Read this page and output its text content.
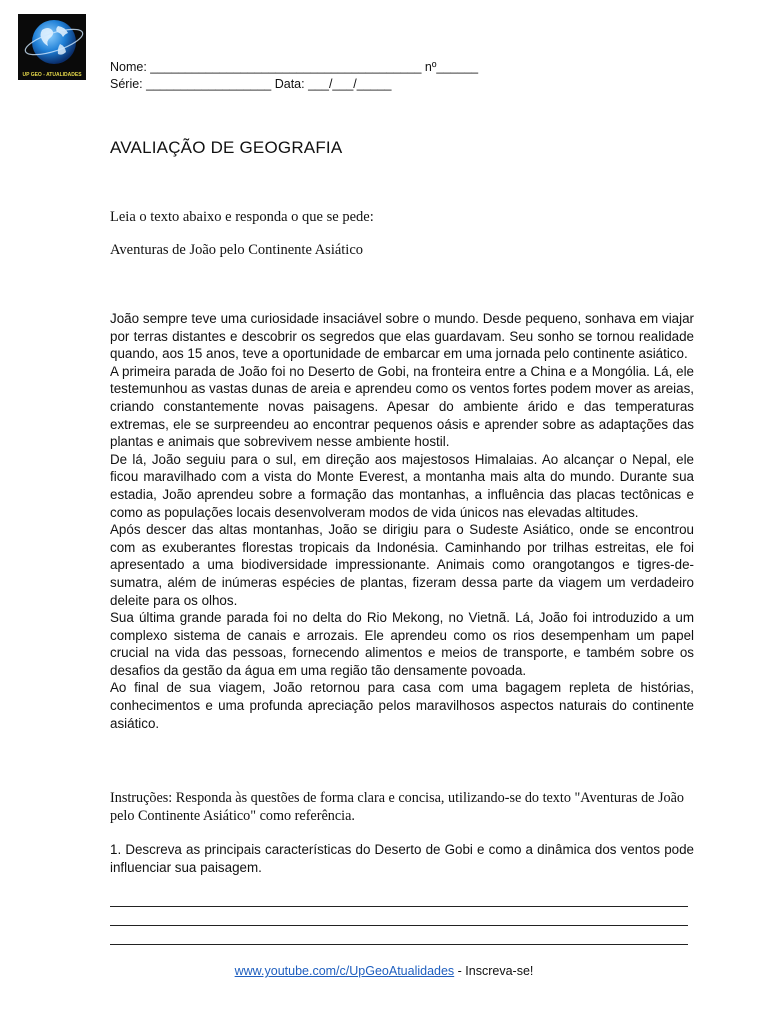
UP GEO - ATUALIDADES
Nome: _______________________________________ nº______
Série: __________________ Data: ___/___/_____
AVALIAÇÃO DE GEOGRAFIA
Leia o texto abaixo e responda o que se pede:
Aventuras de João pelo Continente Asiático

João sempre teve uma curiosidade insaciável sobre o mundo. Desde pequeno, sonhava em viajar por terras distantes e descobrir os segredos que elas guardavam. Seu sonho se tornou realidade quando, aos 15 anos, teve a oportunidade de embarcar em uma jornada pelo continente asiático.

A primeira parada de João foi no Deserto de Gobi, na fronteira entre a China e a Mongólia. Lá, ele testemunhou as vastas dunas de areia e aprendeu como os ventos fortes podem mover as areias, criando constantemente novas paisagens. Apesar do ambiente árido e das temperaturas extremas, ele se surpreendeu ao encontrar pequenos oásis e aprender sobre as adaptações das plantas e animais que sobrevivem nesse ambiente hostil.

De lá, João seguiu para o sul, em direção aos majestosos Himalaias. Ao alcançar o Nepal, ele ficou maravilhado com a vista do Monte Everest, a montanha mais alta do mundo. Durante sua estadia, João aprendeu sobre a formação das montanhas, a influência das placas tectônicas e como as populações locais desenvolveram modos de vida únicos nas elevadas altitudes.

Após descer das altas montanhas, João se dirigiu para o Sudeste Asiático, onde se encontrou com as exuberantes florestas tropicais da Indonésia. Caminhando por trilhas estreitas, ele foi apresentado a uma biodiversidade impressionante. Animais como orangotangos e tigres-de-sumatra, além de inúmeras espécies de plantas, fizeram dessa parte da viagem um verdadeiro deleite para os olhos.

Sua última grande parada foi no delta do Rio Mekong, no Vietnã. Lá, João foi introduzido a um complexo sistema de canais e arrozais. Ele aprendeu como os rios desempenham um papel crucial na vida das pessoas, fornecendo alimentos e meios de transporte, e também sobre os desafios da gestão da água em uma região tão densamente povoada.

Ao final de sua viagem, João retornou para casa com uma bagagem repleta de histórias, conhecimentos e uma profunda apreciação pelos maravilhosos aspectos naturais do continente asiático.

Instruções: Responda às questões de forma clara e concisa, utilizando-se do texto "Aventuras de João pelo Continente Asiático" como referência.
1. Descreva as principais características do Deserto de Gobi e como a dinâmica dos ventos pode influenciar sua paisagem.
www.youtube.com/c/UpGeoAtualidades - Inscreva-se!
